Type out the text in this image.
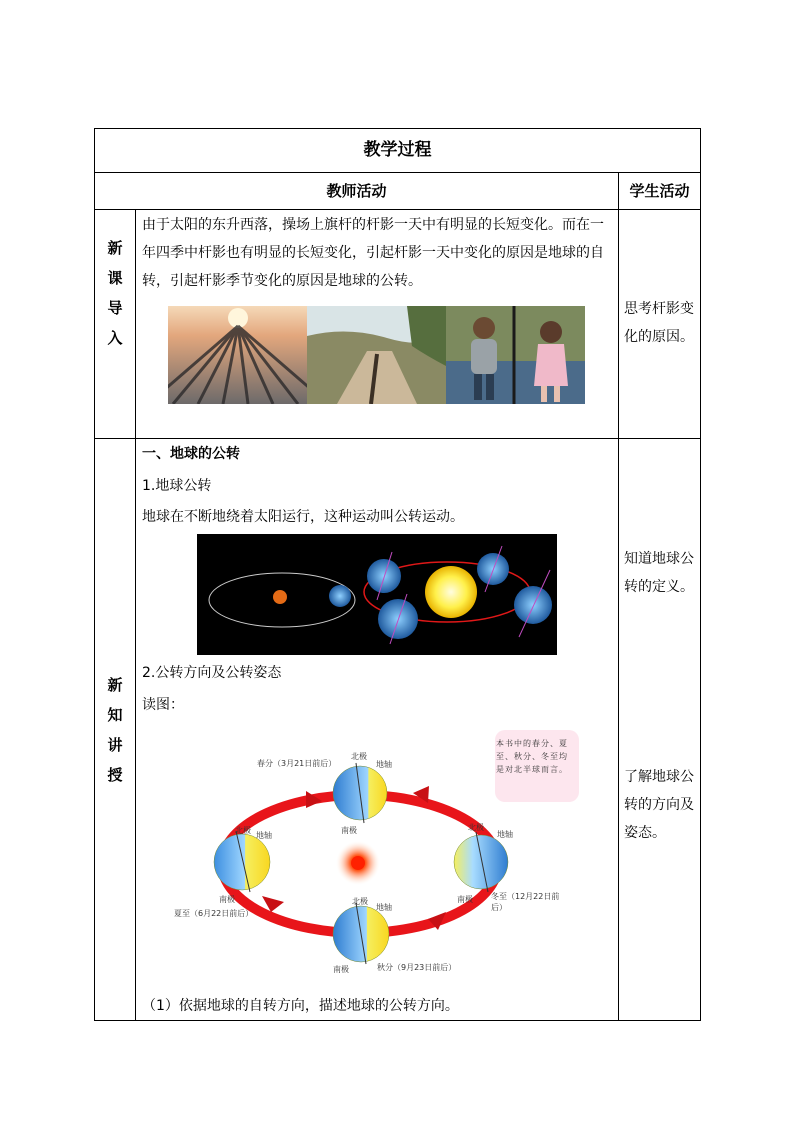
教学过程
教师活动	学生活动
新
课
导
入
由于太阳的东升西落，操场上旗杆的杆影一天中有明显的长短变化。而在一年四季中杆影也有明显的长短变化，引起杆影一天中变化的原因是地球的自转，引起杆影季节变化的原因是地球的公转。
思考杆影变化的原因。
新
知
讲
授
一、地球的公转
1.地球公转
地球在不断地绕着太阳运行，这种运动叫公转运动。
2.公转方向及公转姿态
读图：
本书中的春分、夏至、秋分、冬至均是对北半球而言。
春分（3月21日前后）
北极
地轴
南极
北极
地轴
南极
夏至（6月22日前后）
北极
地轴
南极 冬至（12月22日前后）
北极
地轴
南极	秋分（9月23日前后）
（1）依据地球的自转方向，描述地球的公转方向。
知道地球公转的定义。
了解地球公转的方向及姿态。
